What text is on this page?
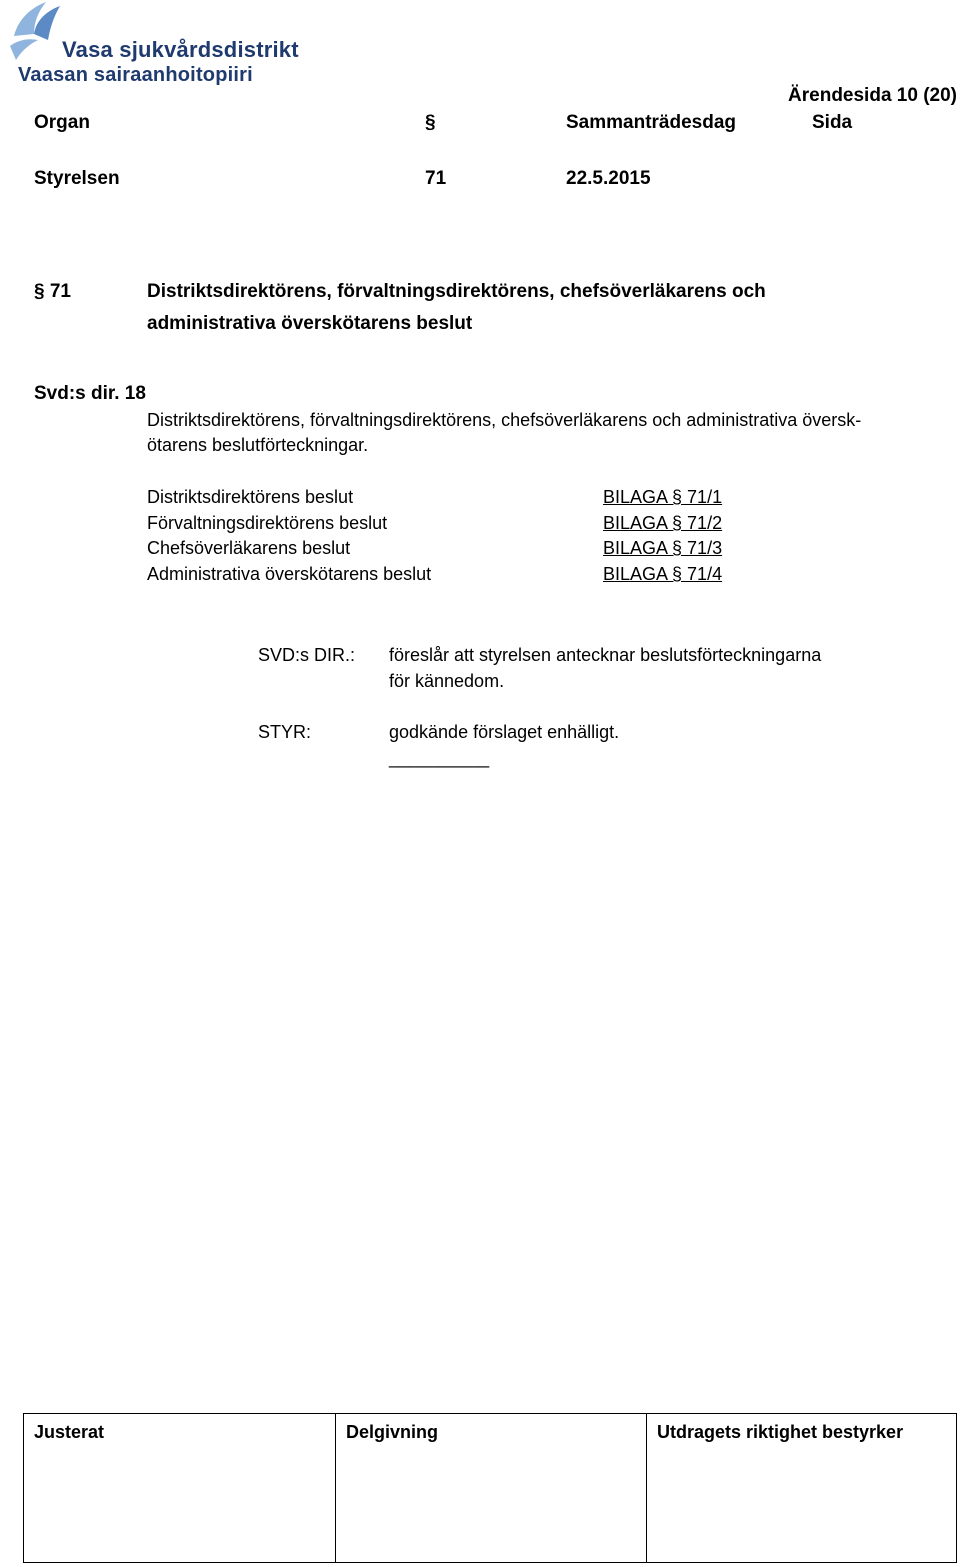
Vasa sjukvårdsdistrikt
Vaasan sairaanhoitopiiri
Ärendesida 10 (20)
Organ	§	Sammanträdesdag	Sida
Styrelsen	71	22.5.2015
§ 71	Distriktsdirektörens, förvaltningsdirektörens, chefsöverläkarens och
administrativa överskötarens beslut
Svd:s dir. 18
Distriktsdirektörens, förvaltningsdirektörens, chefsöverläkarens och administrativa översk-
ötarens beslutförteckningar.
Distriktsdirektörens beslut	BILAGA § 71/1
Förvaltningsdirektörens beslut	BILAGA § 71/2
Chefsöverläkarens beslut	BILAGA § 71/3
Administrativa överskötarens beslut	BILAGA § 71/4
SVD:s DIR.: föreslår att styrelsen antecknar beslutsförteckningarna
för kännedom.
STYR:	godkände förslaget enhälligt.
__________
Justerat	Delgivning	Utdragets riktighet bestyrker
